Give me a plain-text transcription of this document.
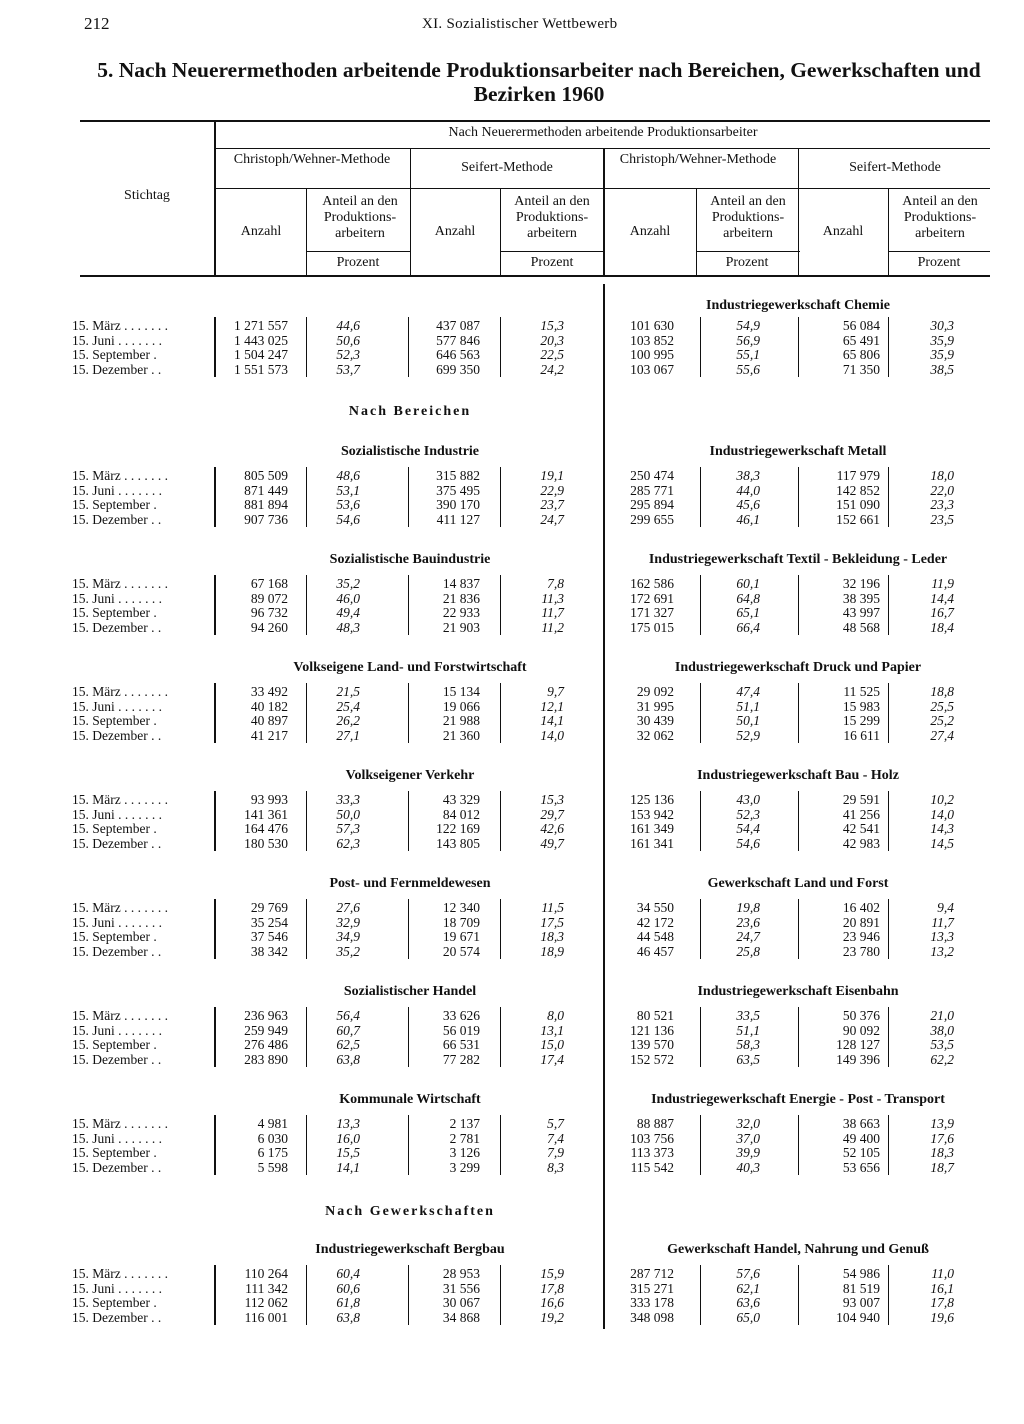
212	XI. Sozialistischer Wettbewerb
5. Nach Neuerermethoden arbeitende Produktionsarbeiter nach Bereichen, Gewerkschaften und Bezirken 1960
Stichtag
Nach Neuerermethoden arbeitende Produktionsarbeiter
Christoph/Wehner-Methode
Seifert-Methode
Christoph/Wehner-Methode
Seifert-Methode
Anzahl	Anzahl	Anzahl	Anzahl
Anteil an den Produktionsarbeitern
Anteil an den Produktionsarbeitern
Anteil an den Produktionsarbeitern
Anteil an den Produktionsarbeitern
Prozent	Prozent	Prozent	Prozent
Nach Bereichen
Nach Gewerkschaften
15. März . . . . . . .	1 271 557	44,6	437 087	15,3
15. Juni . . . . . . .	1 443 025	50,6	577 846	20,3
15. September .	1 504 247	52,3	646 563	22,5
15. Dezember . .	1 551 573	53,7	699 350	24,2
Sozialistische Industrie
15. März . . . . . . .	805 509	48,6	315 882	19,1
15. Juni . . . . . . .	871 449	53,1	375 495	22,9
15. September .	881 894	53,6	390 170	23,7
15. Dezember . .	907 736	54,6	411 127	24,7
Sozialistische Bauindustrie
15. März . . . . . . .	67 168	35,2	14 837	7,8
15. Juni . . . . . . .	89 072	46,0	21 836	11,3
15. September .	96 732	49,4	22 933	11,7
15. Dezember . .	94 260	48,3	21 903	11,2
Volkseigene Land- und Forstwirtschaft
15. März . . . . . . .	33 492	21,5	15 134	9,7
15. Juni . . . . . . .	40 182	25,4	19 066	12,1
15. September .	40 897	26,2	21 988	14,1
15. Dezember . .	41 217	27,1	21 360	14,0
Volkseigener Verkehr
15. März . . . . . . .	93 993	33,3	43 329	15,3
15. Juni . . . . . . .	141 361	50,0	84 012	29,7
15. September .	164 476	57,3	122 169	42,6
15. Dezember . .	180 530	62,3	143 805	49,7
Post- und Fernmeldewesen
15. März . . . . . . .	29 769	27,6	12 340	11,5
15. Juni . . . . . . .	35 254	32,9	18 709	17,5
15. September .	37 546	34,9	19 671	18,3
15. Dezember . .	38 342	35,2	20 574	18,9
Sozialistischer Handel
15. März . . . . . . .	236 963	56,4	33 626	8,0
15. Juni . . . . . . .	259 949	60,7	56 019	13,1
15. September .	276 486	62,5	66 531	15,0
15. Dezember . .	283 890	63,8	77 282	17,4
Kommunale Wirtschaft
15. März . . . . . . .	4 981	13,3	2 137	5,7
15. Juni . . . . . . .	6 030	16,0	2 781	7,4
15. September .	6 175	15,5	3 126	7,9
15. Dezember . .	5 598	14,1	3 299	8,3
Industriegewerkschaft Bergbau
15. März . . . . . . .	110 264	60,4	28 953	15,9
15. Juni . . . . . . .	111 342	60,6	31 556	17,8
15. September .	112 062	61,8	30 067	16,6
15. Dezember . .	116 001	63,8	34 868	19,2
Industriegewerkschaft Chemie
101 630	54,9	56 084	30,3
103 852	56,9	65 491	35,9
100 995	55,1	65 806	35,9
103 067	55,6	71 350	38,5
Industriegewerkschaft Metall
250 474	38,3	117 979	18,0
285 771	44,0	142 852	22,0
295 894	45,6	151 090	23,3
299 655	46,1	152 661	23,5
Industriegewerkschaft Textil - Bekleidung - Leder
162 586	60,1	32 196	11,9
172 691	64,8	38 395	14,4
171 327	65,1	43 997	16,7
175 015	66,4	48 568	18,4
Industriegewerkschaft Druck und Papier
29 092	47,4	11 525	18,8
31 995	51,1	15 983	25,5
30 439	50,1	15 299	25,2
32 062	52,9	16 611	27,4
Industriegewerkschaft Bau - Holz
125 136	43,0	29 591	10,2
153 942	52,3	41 256	14,0
161 349	54,4	42 541	14,3
161 341	54,6	42 983	14,5
Gewerkschaft Land und Forst
34 550	19,8	16 402	9,4
42 172	23,6	20 891	11,7
44 548	24,7	23 946	13,3
46 457	25,8	23 780	13,2
Industriegewerkschaft Eisenbahn
80 521	33,5	50 376	21,0
121 136	51,1	90 092	38,0
139 570	58,3	128 127	53,5
152 572	63,5	149 396	62,2
Industriegewerkschaft Energie - Post - Transport
88 887	32,0	38 663	13,9
103 756	37,0	49 400	17,6
113 373	39,9	52 105	18,3
115 542	40,3	53 656	18,7
Gewerkschaft Handel, Nahrung und Genuß
287 712	57,6	54 986	11,0
315 271	62,1	81 519	16,1
333 178	63,6	93 007	17,8
348 098	65,0	104 940	19,6
